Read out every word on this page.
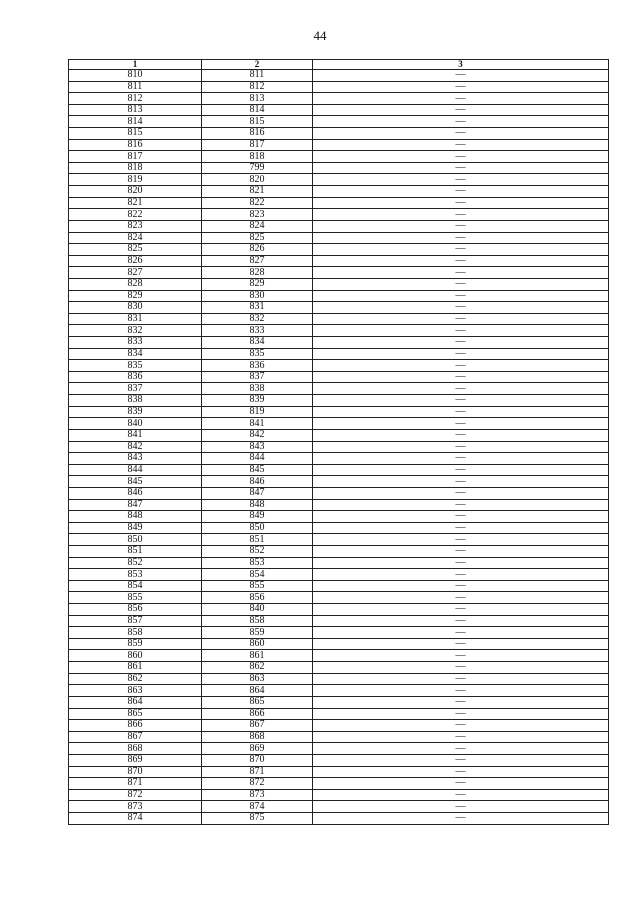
44
1	2	3
810	811	—
811	812	—
812	813	—
813	814	—
814	815	—
815	816	—
816	817	—
817	818	—
818	799	—
819	820	—
820	821	—
821	822	—
822	823	—
823	824	—
824	825	—
825	826	—
826	827	—
827	828	—
828	829	—
829	830	—
830	831	—
831	832	—
832	833	—
833	834	—
834	835	—
835	836	—
836	837	—
837	838	—
838	839	—
839	819	—
840	841	—
841	842	—
842	843	—
843	844	—
844	845	—
845	846	—
846	847	—
847	848	—
848	849	—
849	850	—
850	851	—
851	852	—
852	853	—
853	854	—
854	855	—
855	856	—
856	840	—
857	858	—
858	859	—
859	860	—
860	861	—
861	862	—
862	863	—
863	864	—
864	865	—
865	866	—
866	867	—
867	868	—
868	869	—
869	870	—
870	871	—
871	872	—
872	873	—
873	874	—
874	875	—
